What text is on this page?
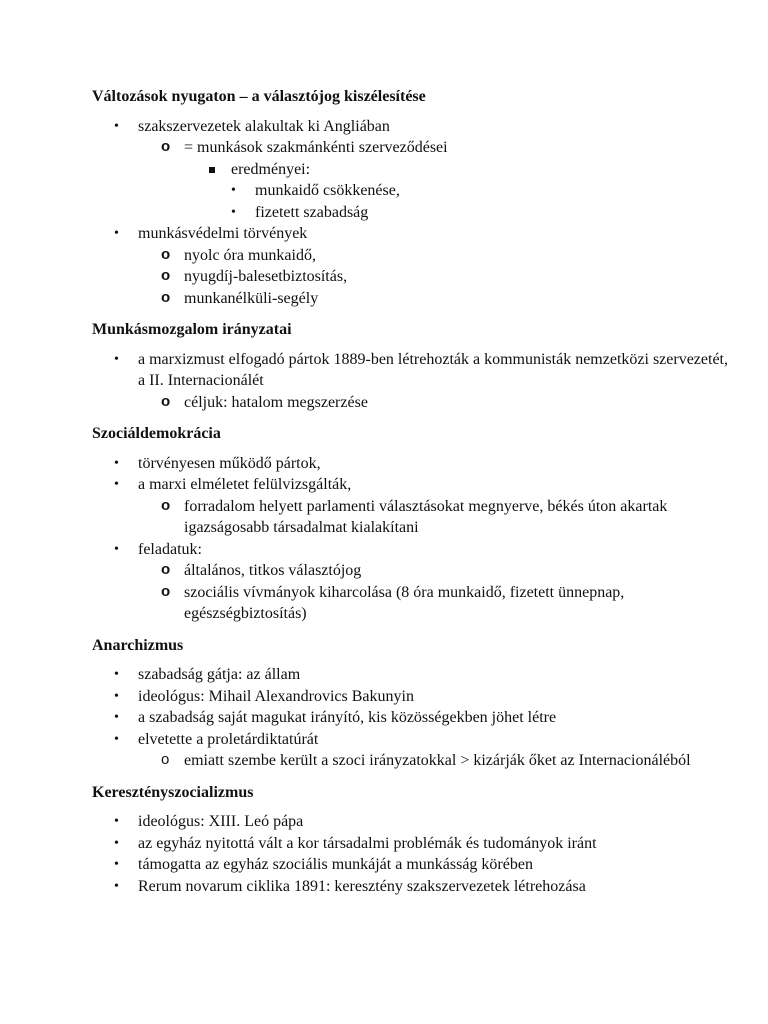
Változások nyugaton – a választójog kiszélesítése
• szakszervezetek alakultak ki Angliában
o = munkások szakmánkénti szerveződései
eredményei:
• munkaidő csökkenése,
• fizetett szabadság
• munkásvédelmi törvények
o nyolc óra munkaidő,
o nyugdíj-balesetbiztosítás,
o munkanélküli-segély
Munkásmozgalom irányzatai
• a marxizmust elfogadó pártok 1889-ben létrehozták a kommunisták nemzetközi szervezetét, a II. Internacionálét
o céljuk: hatalom megszerzése
Szociáldemokrácia
• törvényesen működő pártok,
• a marxi elméletet felülvizsgálták,
o forradalom helyett parlamenti választásokat megnyerve, békés úton akartak igazságosabb társadalmat kialakítani
• feladatuk:
o általános, titkos választójog
o szociális vívmányok kiharcolása (8 óra munkaidő, fizetett ünnepnap, egészségbiztosítás)
Anarchizmus
• szabadság gátja: az állam
• ideológus: Mihail Alexandrovics Bakunyin
• a szabadság saját magukat irányító, kis közösségekben jöhet létre
• elvetette a proletárdiktatúrát
o emiatt szembe került a szoci irányzatokkal > kizárják őket az Internacionáléból
Keresztényszocializmus
• ideológus: XIII. Leó pápa
• az egyház nyitottá vált a kor társadalmi problémák és tudományok iránt
• támogatta az egyház szociális munkáját a munkásság körében
• Rerum novarum ciklika 1891: keresztény szakszervezetek létrehozása
